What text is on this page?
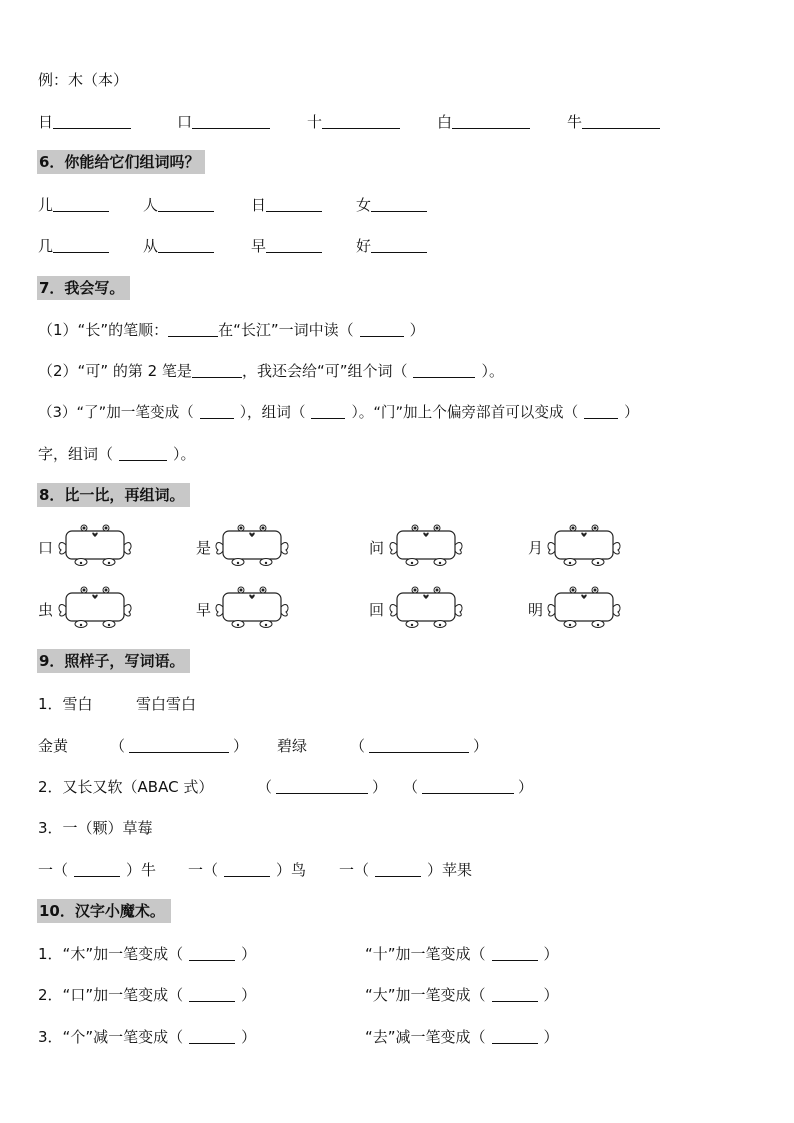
例：木（本）
日	口	十	白	牛
6．你能给它们组词吗？
儿	人	日	女
几	从	早	好
7．我会写。
（1）“长”的笔顺：	在“长江”一词中读（	）
（2）“可” 的第 2 笔是	，我还会给“可”组个词（	）。
（3）“了”加一笔变成（	），组词（	）。“门”加上个偏旁部首可以变成（	）
字，组词（	）。
8．比一比，再组词。
口	是	问	月
虫	早	回	明
9．照样子，写词语。
1．雪白	雪白雪白
金黄	（	） 碧绿	（	）
2．又长又软（ABAC 式）	（	） （	）
3．一（颗）草莓
一（	）牛 一（	）鸟 一（	）苹果
10．汉字小魔术。
1．“木”加一笔变成（	）	“十”加一笔变成（	）
2．“口”加一笔变成（	）	“大”加一笔变成（	）
3．“个”减一笔变成（	）	“去”减一笔变成（	）
